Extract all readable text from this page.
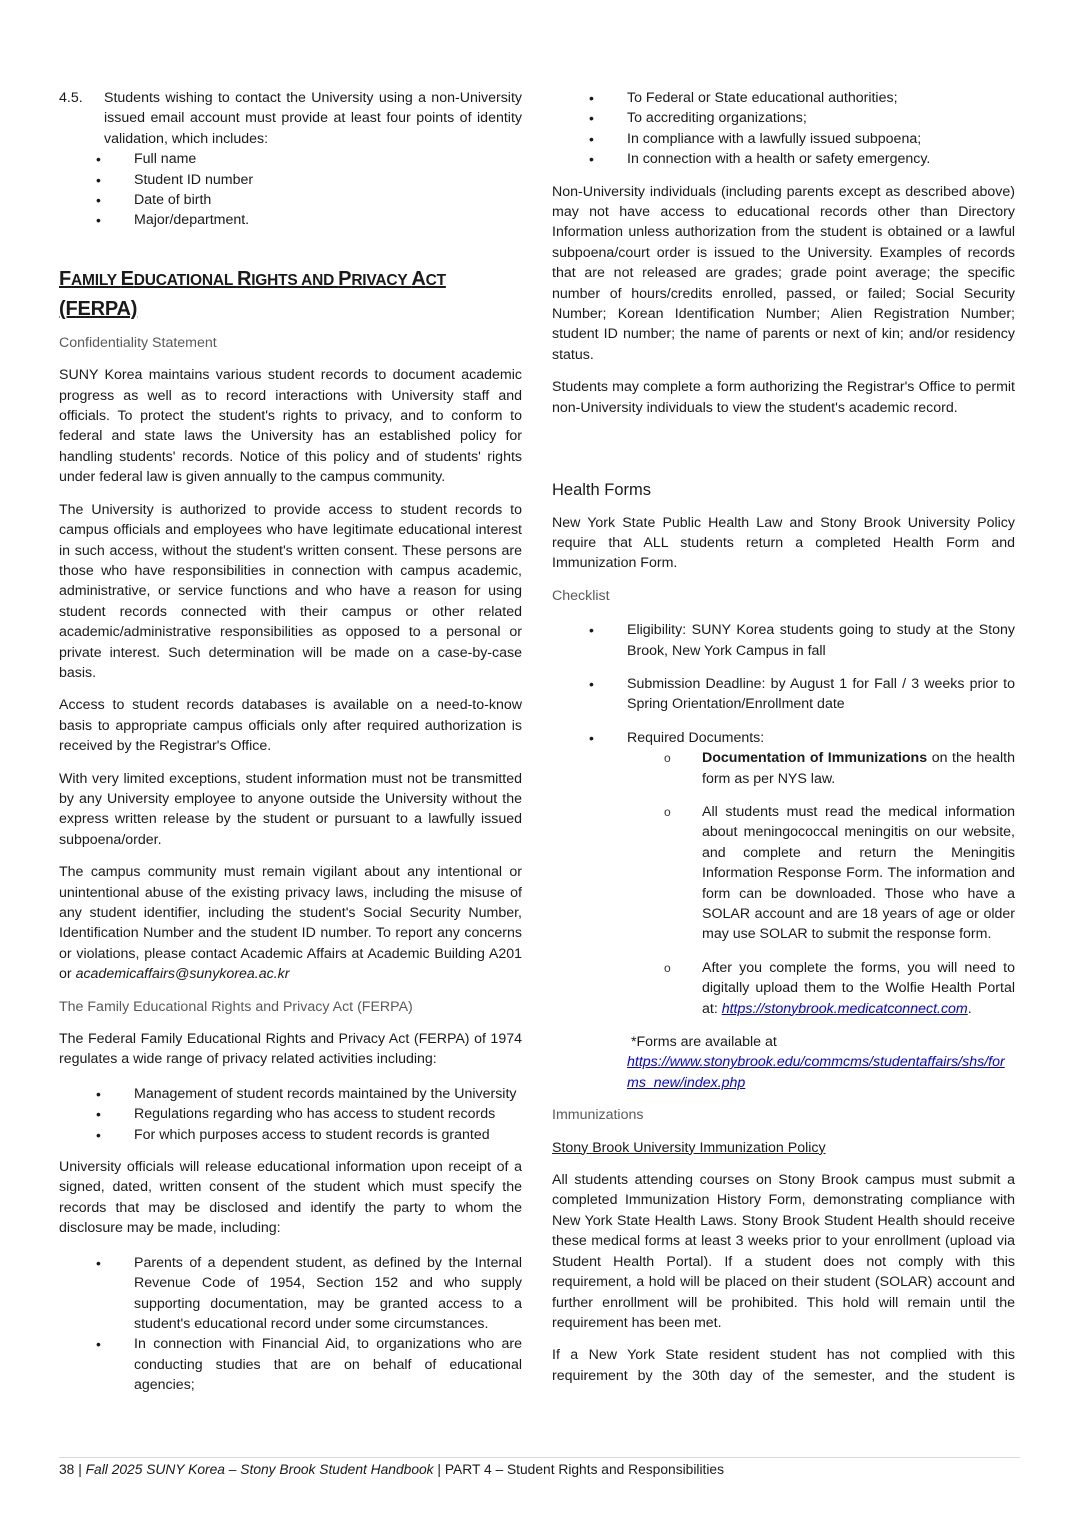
4.5.	Students wishing to contact the University using a non-University issued email account must provide at least four points of identity validation, which includes:
• Full name
• Student ID number
• Date of birth
• Major/department.
FAMILY EDUCATIONAL RIGHTS AND PRIVACY ACT
(FERPA)
Confidentiality Statement

SUNY Korea maintains various student records to document academic progress as well as to record interactions with University staff and officials. To protect the student's rights to privacy, and to conform to federal and state laws the University has an established policy for handling students' records. Notice of this policy and of students' rights under federal law is given annually to the campus community.

The University is authorized to provide access to student records to campus officials and employees who have legitimate educational interest in such access, without the student's written consent. These persons are those who have responsibilities in connection with campus academic, administrative, or service functions and who have a reason for using student records connected with their campus or other related academic/administrative responsibilities as opposed to a personal or private interest. Such determination will be made on a case-by-case basis.

Access to student records databases is available on a need-to-know basis to appropriate campus officials only after required authorization is received by the Registrar's Office.

With very limited exceptions, student information must not be transmitted by any University employee to anyone outside the University without the express written release by the student or pursuant to a lawfully issued subpoena/order.

The campus community must remain vigilant about any intentional or unintentional abuse of the existing privacy laws, including the misuse of any student identifier, including the student's Social Security Number, Identification Number and the student ID number. To report any concerns or violations, please contact Academic Affairs at Academic Building A201 or academicaffairs@sunykorea.ac.kr

The Family Educational Rights and Privacy Act (FERPA)

The Federal Family Educational Rights and Privacy Act (FERPA) of 1974 regulates a wide range of privacy related activities including:

• Management of student records maintained by the University
• Regulations regarding who has access to student records
• For which purposes access to student records is granted

University officials will release educational information upon receipt of a signed, dated, written consent of the student which must specify the records that may be disclosed and identify the party to whom the disclosure may be made, including:

• Parents of a dependent student, as defined by the Internal Revenue Code of 1954, Section 152 and who supply supporting documentation, may be granted access to a student's educational record under some circumstances.
• In connection with Financial Aid, to organizations who are conducting studies that are on behalf of educational agencies;
• To Federal or State educational authorities;
• To accrediting organizations;
• In compliance with a lawfully issued subpoena;
• In connection with a health or safety emergency.

Non-University individuals (including parents except as described above) may not have access to educational records other than Directory Information unless authorization from the student is obtained or a lawful subpoena/court order is issued to the University. Examples of records that are not released are grades; grade point average; the specific number of hours/credits enrolled, passed, or failed; Social Security Number; Korean Identification Number; Alien Registration Number; student ID number; the name of parents or next of kin; and/or residency status.

Students may complete a form authorizing the Registrar's Office to permit non-University individuals to view the student's academic record.

Health Forms

New York State Public Health Law and Stony Brook University Policy require that ALL students return a completed Health Form and Immunization Form.

Checklist
• Eligibility: SUNY Korea students going to study at the Stony Brook, New York Campus in fall
• Submission Deadline: by August 1 for Fall / 3 weeks prior to Spring Orientation/Enrollment date
• Required Documents:
o Documentation of Immunizations on the health form as per NYS law.
o All students must read the medical information about meningococcal meningitis on our website, and complete and return the Meningitis Information Response Form. The information and form can be downloaded. Those who have a SOLAR account and are 18 years of age or older may use SOLAR to submit the response form.
o After you complete the forms, you will need to digitally upload them to the Wolfie Health Portal at: https://stonybrook.medicatconnect.com.
*Forms are available at
https://www.stonybrook.edu/commcms/studentaffairs/shs/forms_new/index.php
Immunizations
Stony Brook University Immunization Policy

All students attending courses on Stony Brook campus must submit a completed Immunization History Form, demonstrating compliance with New York State Health Laws. Stony Brook Student Health should receive these medical forms at least 3 weeks prior to your enrollment (upload via Student Health Portal). If a student does not comply with this requirement, a hold will be placed on their student (SOLAR) account and further enrollment will be prohibited. This hold will remain until the requirement has been met.

If a New York State resident student has not complied with this requirement by the 30th day of the semester, and the student is

38 | Fall 2025 SUNY Korea – Stony Brook Student Handbook | PART 4 – Student Rights and Responsibilities
